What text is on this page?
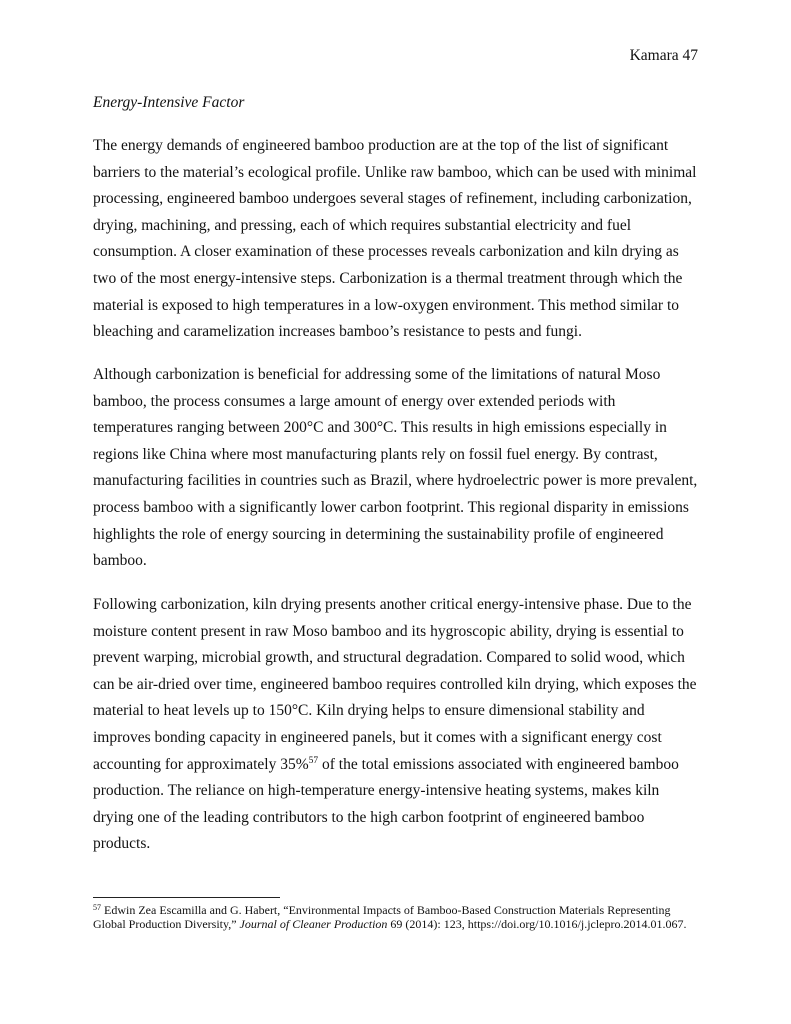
Kamara 47
Energy-Intensive Factor

The energy demands of engineered bamboo production are at the top of the list of significant barriers to the material’s ecological profile. Unlike raw bamboo, which can be used with minimal processing, engineered bamboo undergoes several stages of refinement, including carbonization, drying, machining, and pressing, each of which requires substantial electricity and fuel consumption. A closer examination of these processes reveals carbonization and kiln drying as two of the most energy-intensive steps. Carbonization is a thermal treatment through which the material is exposed to high temperatures in a low-oxygen environment. This method similar to bleaching and caramelization increases bamboo’s resistance to pests and fungi.

Although carbonization is beneficial for addressing some of the limitations of natural Moso bamboo, the process consumes a large amount of energy over extended periods with temperatures ranging between 200°C and 300°C. This results in high emissions especially in regions like China where most manufacturing plants rely on fossil fuel energy. By contrast, manufacturing facilities in countries such as Brazil, where hydroelectric power is more prevalent, process bamboo with a significantly lower carbon footprint. This regional disparity in emissions highlights the role of energy sourcing in determining the sustainability profile of engineered bamboo.

Following carbonization, kiln drying presents another critical energy-intensive phase. Due to the moisture content present in raw Moso bamboo and its hygroscopic ability, drying is essential to prevent warping, microbial growth, and structural degradation. Compared to solid wood, which can be air-dried over time, engineered bamboo requires controlled kiln drying, which exposes the material to heat levels up to 150°C. Kiln drying helps to ensure dimensional stability and improves bonding capacity in engineered panels, but it comes with a significant energy cost accounting for approximately 35%$^{57}$ of the total emissions associated with engineered bamboo production. The reliance on high-temperature energy-intensive heating systems, makes kiln drying one of the leading contributors to the high carbon footprint of engineered bamboo products.

$^{57}$ Edwin Zea Escamilla and G. Habert, “Environmental Impacts of Bamboo-Based Construction Materials Representing Global Production Diversity,” Journal of Cleaner Production 69 (2014): 123, https://doi.org/10.1016/j.jclepro.2014.01.067.
